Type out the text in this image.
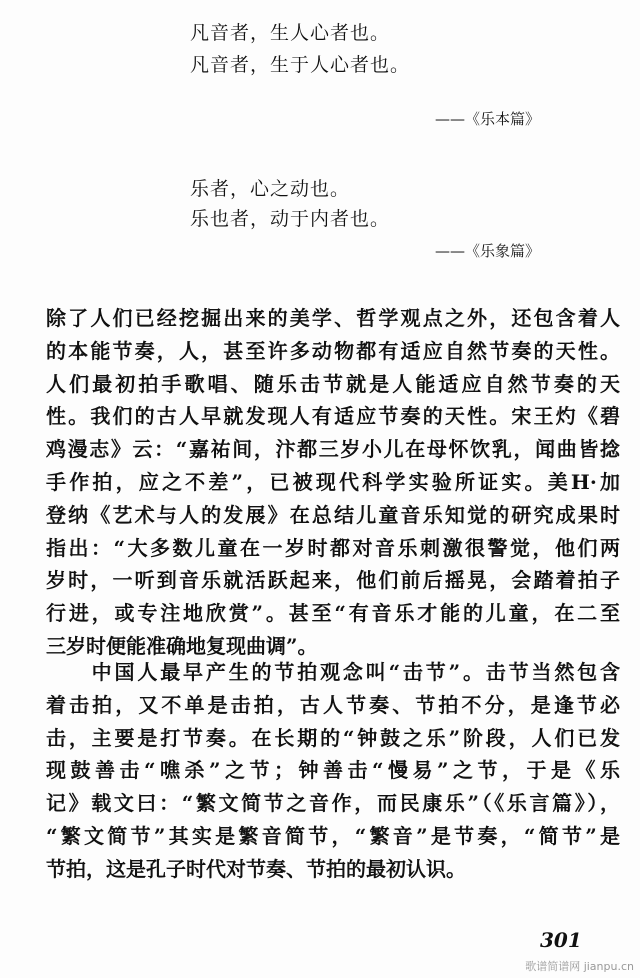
凡音者，生人心者也。
凡音者，生于人心者也。
——《乐本篇》
乐者，心之动也。
乐也者，动于内者也。
——《乐象篇》
除了人们已经挖掘出来的美学、哲学观点之外，还包含着人
的本能节奏，人，甚至许多动物都有适应自然节奏的天性。
人们最初拍手歌唱、随乐击节就是人能适应自然节奏的天
性。我们的古人早就发现人有适应节奏的天性。宋王灼《碧
鸡漫志》云：“嘉祐间，汴都三岁小儿在母怀饮乳，闻曲皆捻
手作拍，应之不差”，已被现代科学实验所证实。美H·加
登纳《艺术与人的发展》在总结儿童音乐知觉的研究成果时
指出：“大多数儿童在一岁时都对音乐刺激很警觉，他们两
岁时，一听到音乐就活跃起来，他们前后摇晃，会踏着拍子
行进，或专注地欣赏”。甚至“有音乐才能的儿童，在二至
三岁时便能准确地复现曲调”。
　　中国人最早产生的节拍观念叫“击节”。击节当然包含
着击拍，又不单是击拍，古人节奏、节拍不分，是逢节必
击，主要是打节奏。在长期的“钟鼓之乐”阶段，人们已发
现鼓善击“噍杀”之节；钟善击“慢易”之节，于是《乐
记》载文曰：“繁文简节之音作，而民康乐”（《乐言篇》），
“繁文简节”其实是繁音简节，“繁音”是节奏，“简节”是
节拍，这是孔子时代对节奏、节拍的最初认识。
301
歌谱简谱网 jianpu.cn
